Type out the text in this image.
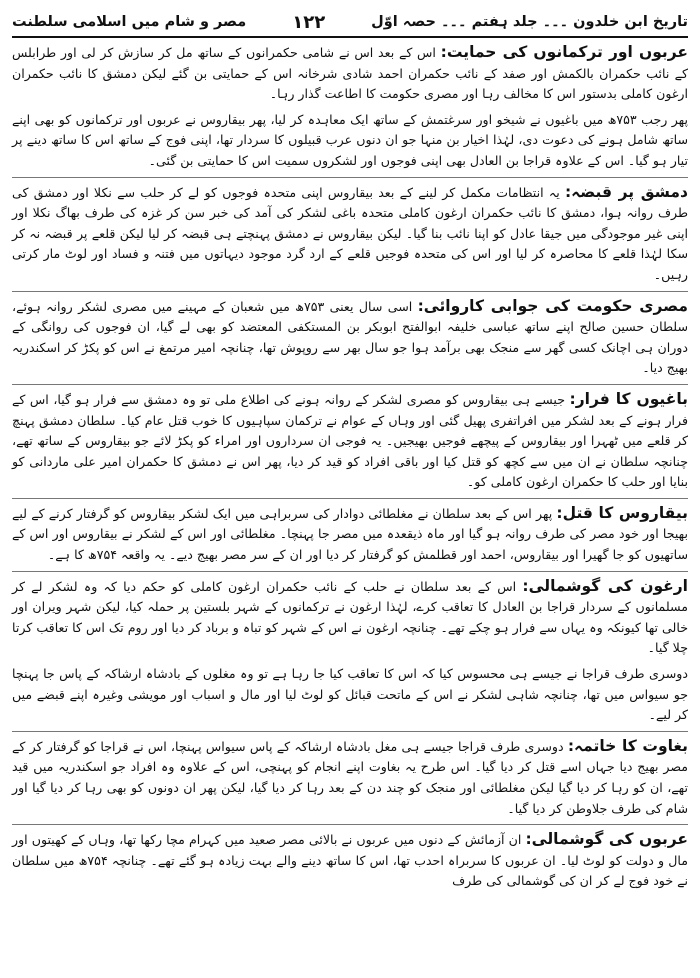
تاریخ ابن خلدون ۔۔۔ جلد ہفتم ۔۔۔ حصہ اوّل
۱۲۲
مصر و شام میں اسلامی سلطنت
عربوں اور ترکمانوں کی حمایت: اس کے بعد اس نے شامی حکمرانوں کے ساتھ مل کر سازش کر لی اور طرابلس کے نائب حکمران بالکمش اور صفد کے نائب حکمران احمد شادی شرخانہ اس کے حمایتی بن گئے لیکن دمشق کا نائب حکمران ارغون کاملی بدستور اس کا مخالف رہا اور مصری حکومت کا اطاعت گذار رہا۔
پھر رجب ۷۵۳ھ میں باغیوں نے شیخو اور سرغتمش کے ساتھ ایک معاہدہ کر لیا، پھر بیقاروس نے عربوں اور ترکمانوں کو بھی اپنے ساتھ شامل ہونے کی دعوت دی، لہٰذا اخیار بن منہا جو ان دنوں عرب قبیلوں کا سردار تھا، اپنی فوج کے ساتھ اس کا ساتھ دینے پر تیار ہو گیا۔ اس کے علاوہ قراجا بن العادل بھی اپنی فوجوں اور لشکروں سمیت اس کا حمایتی بن گئی۔
دمشق پر قبضہ: یہ انتظامات مکمل کر لینے کے بعد بیقاروس اپنی متحدہ فوجوں کو لے کر حلب سے نکلا اور دمشق کی طرف روانہ ہوا، دمشق کا نائب حکمران ارغون کاملی متحدہ باغی لشکر کی آمد کی خبر سن کر غزہ کی طرف بھاگ نکلا اور اپنی غیر موجودگی میں جیقا عادل کو اپنا نائب بنا گیا۔ لیکن بیقاروس نے دمشق پہنچتے ہی قبضہ کر لیا لیکن قلعے پر قبضہ نہ کر سکا لہٰذا قلعے کا محاصرہ کر لیا اور اس کی متحدہ فوجیں قلعے کے ارد گرد موجود دیہاتوں میں فتنہ و فساد اور لوٹ مار کرتی رہیں۔
مصری حکومت کی جوابی کاروائی: اسی سال یعنی ۷۵۳ھ میں شعبان کے مہینے میں مصری لشکر روانہ ہوئے، سلطان حسین صالح اپنے ساتھ عباسی خلیفہ ابوالفتح ابوبکر بن المستکفی المعتضد کو بھی لے گیا، ان فوجوں کی روانگی کے دوران ہی اچانک کسی گھر سے منجک بھی برآمد ہوا جو سال بھر سے روپوش تھا، چنانچہ امیر مرتمغ نے اس کو پکڑ کر اسکندریہ بھیج دیا۔
باغیوں کا فرار: جیسے ہی بیقاروس کو مصری لشکر کے روانہ ہونے کی اطلاع ملی تو وہ دمشق سے فرار ہو گیا، اس کے فرار ہونے کے بعد لشکر میں افراتفری پھیل گئی اور وہاں کے عوام نے ترکمان سپاہیوں کا خوب قتل عام کیا۔ سلطان دمشق پہنچ کر قلعے میں ٹھہرا اور بیقاروس کے پیچھے فوجیں بھیجیں۔ یہ فوجی ان سرداروں اور امراء کو پکڑ لائے جو بیقاروس کے ساتھ تھے، چنانچہ سلطان نے ان میں سے کچھ کو قتل کیا اور باقی افراد کو قید کر دیا، پھر اس نے دمشق کا حکمران امیر علی ماردانی کو بنایا اور حلب کا حکمران ارغون کاملی کو۔
بیقاروس کا قتل: پھر اس کے بعد سلطان نے مغلطائی دوادار کی سربراہی میں ایک لشکر بیقاروس کو گرفتار کرنے کے لیے بھیجا اور خود مصر کی طرف روانہ ہو گیا اور ماہ ذیقعدہ میں مصر جا پہنچا۔ مغلطائی اور اس کے لشکر نے بیقاروس اور اس کے ساتھیوں کو جا گھیرا اور بیقاروس، احمد اور قطلمش کو گرفتار کر دیا اور ان کے سر مصر بھیج دیے۔ یہ واقعہ ۷۵۴ھ کا ہے۔
ارغون کی گوشمالی: اس کے بعد سلطان نے حلب کے نائب حکمران ارغون کاملی کو حکم دیا کہ وہ لشکر لے کر مسلمانوں کے سردار قراجا بن العادل کا تعاقب کرے، لہٰذا ارغون نے ترکمانوں کے شہر بلستین پر حملہ کیا، لیکن شہر ویران اور خالی تھا کیونکہ وہ یہاں سے فرار ہو چکے تھے۔ چنانچہ ارغون نے اس کے شہر کو تباہ و برباد کر دیا اور روم تک اس کا تعاقب کرتا چلا گیا۔
دوسری طرف قراجا نے جیسے ہی محسوس کیا کہ اس کا تعاقب کیا جا رہا ہے تو وہ مغلوں کے بادشاہ ارشاکہ کے پاس جا پہنچا جو سیواس میں تھا، چنانچہ شاہی لشکر نے اس کے ماتحت قبائل کو لوٹ لیا اور مال و اسباب اور مویشی وغیرہ اپنے قبضے میں کر لیے۔
بغاوت کا خاتمہ: دوسری طرف قراجا جیسے ہی مغل بادشاہ ارشاکہ کے پاس سیواس پہنچا، اس نے قراجا کو گرفتار کر کے مصر بھیج دیا جہاں اسے قتل کر دیا گیا۔ اس طرح یہ بغاوت اپنے انجام کو پہنچی، اس کے علاوہ وہ افراد جو اسکندریہ میں قید تھے، ان کو رہا کر دیا گیا لیکن مغلطائی اور منجک کو چند دن کے بعد رہا کر دیا گیا، لیکن پھر ان دونوں کو بھی رہا کر دیا گیا اور شام کی طرف جلاوطن کر دیا گیا۔
عربوں کی گوشمالی: ان آزمائش کے دنوں میں عربوں نے بالائی مصر صعید میں کہرام مچا رکھا تھا، وہاں کے کھیتوں اور مال و دولت کو لوٹ لیا۔ ان عربوں کا سربراہ احدب تھا، اس کا ساتھ دینے والے بہت زیادہ ہو گئے تھے۔ چنانچہ ۷۵۴ھ میں سلطان نے خود فوج لے کر ان کی گوشمالی کی طرف
